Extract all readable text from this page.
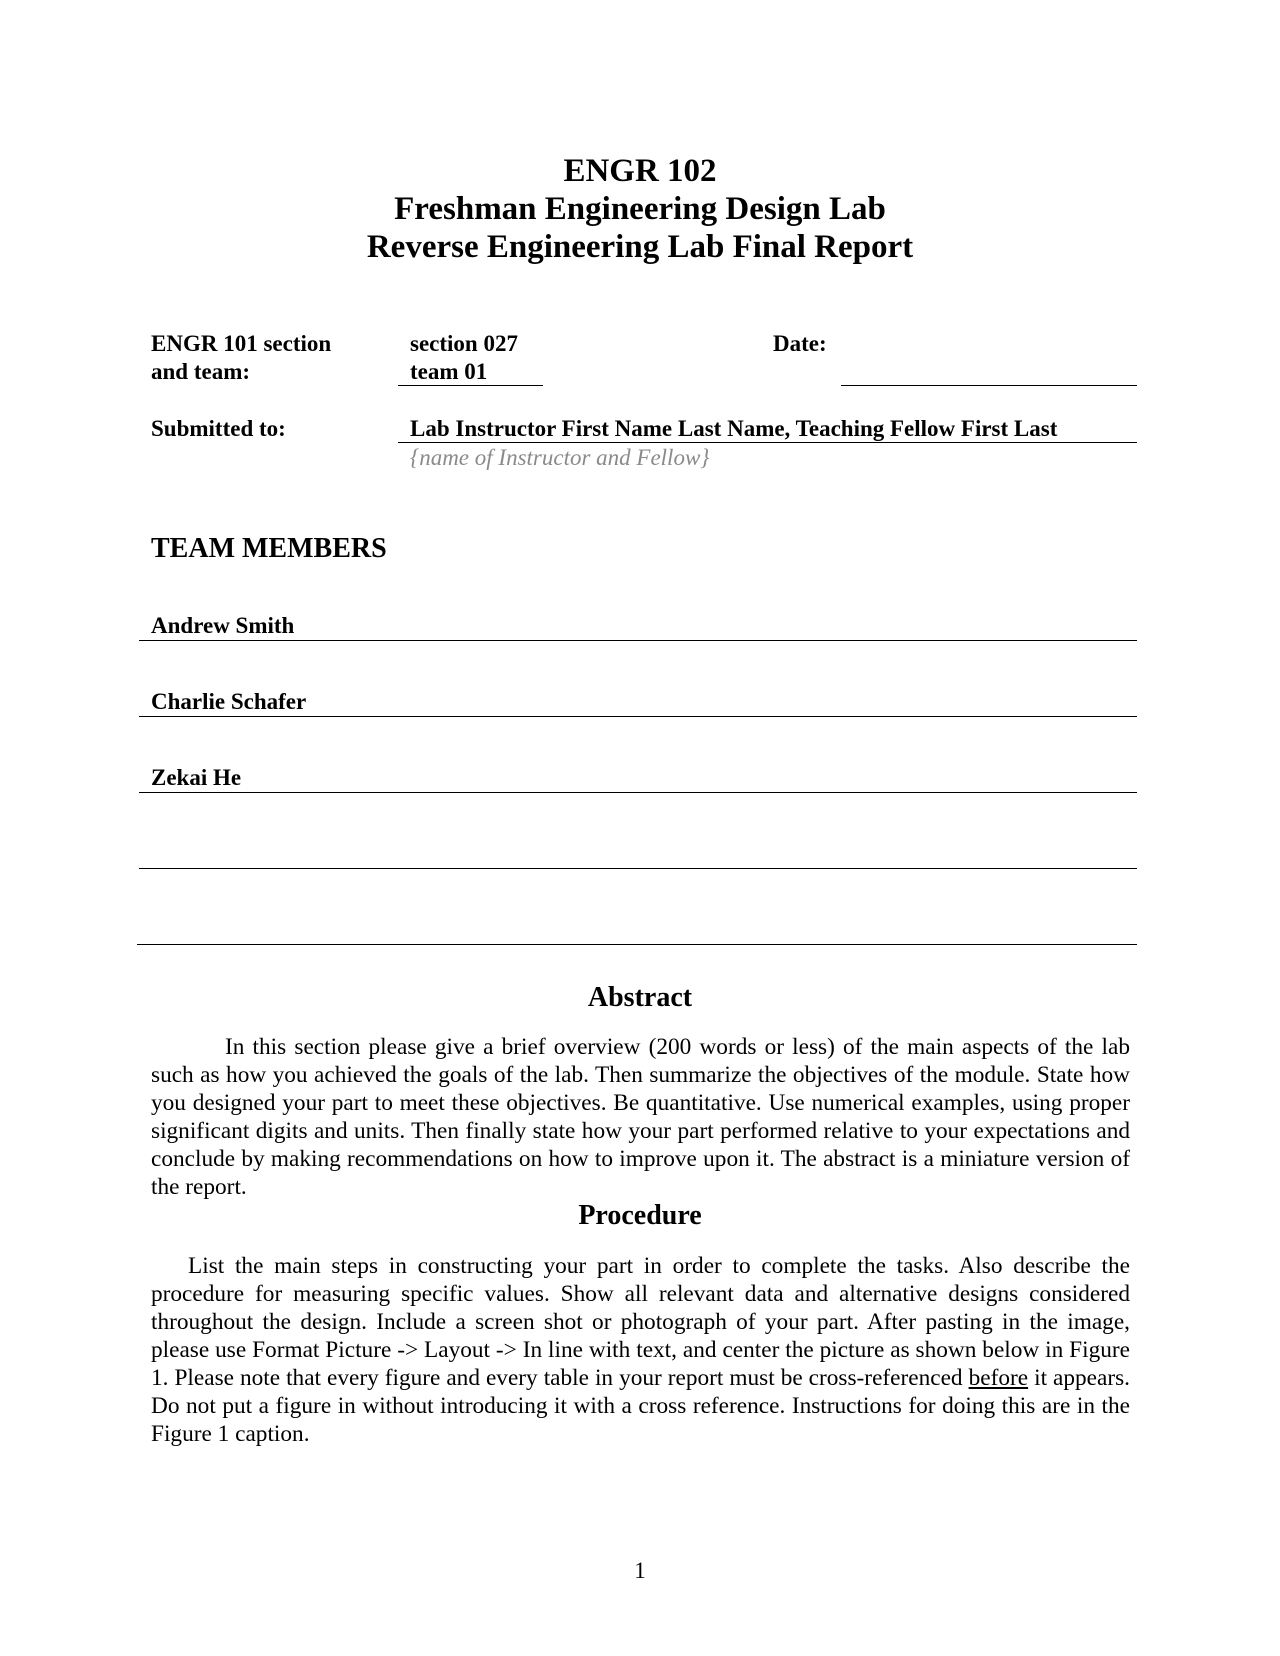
ENGR 102
Freshman Engineering Design Lab
Reverse Engineering Lab Final Report
ENGR 101 section
and team:
section 027
team 01
Date:
Submitted to:	Lab Instructor First Name Last Name, Teaching Fellow First Last
{name of Instructor and Fellow}
TEAM MEMBERS
Andrew Smith
Charlie Schafer
Zekai He
Abstract
In this section please give a brief overview (200 words or less) of the main aspects of the lab such as how you achieved the goals of the lab. Then summarize the objectives of the module. State how you designed your part to meet these objectives. Be quantitative. Use numerical examples, using proper significant digits and units. Then finally state how your part performed relative to your expectations and conclude by making recommendations on how to improve upon it. The abstract is a miniature version of the report.
Procedure
List the main steps in constructing your part in order to complete the tasks. Also describe the procedure for measuring specific values. Show all relevant data and alternative designs considered throughout the design. Include a screen shot or photograph of your part. After pasting in the image, please use Format Picture -> Layout -> In line with text, and center the picture as shown below in Figure 1. Please note that every figure and every table in your report must be cross-referenced before it appears. Do not put a figure in without introducing it with a cross reference. Instructions for doing this are in the Figure 1 caption.
1
